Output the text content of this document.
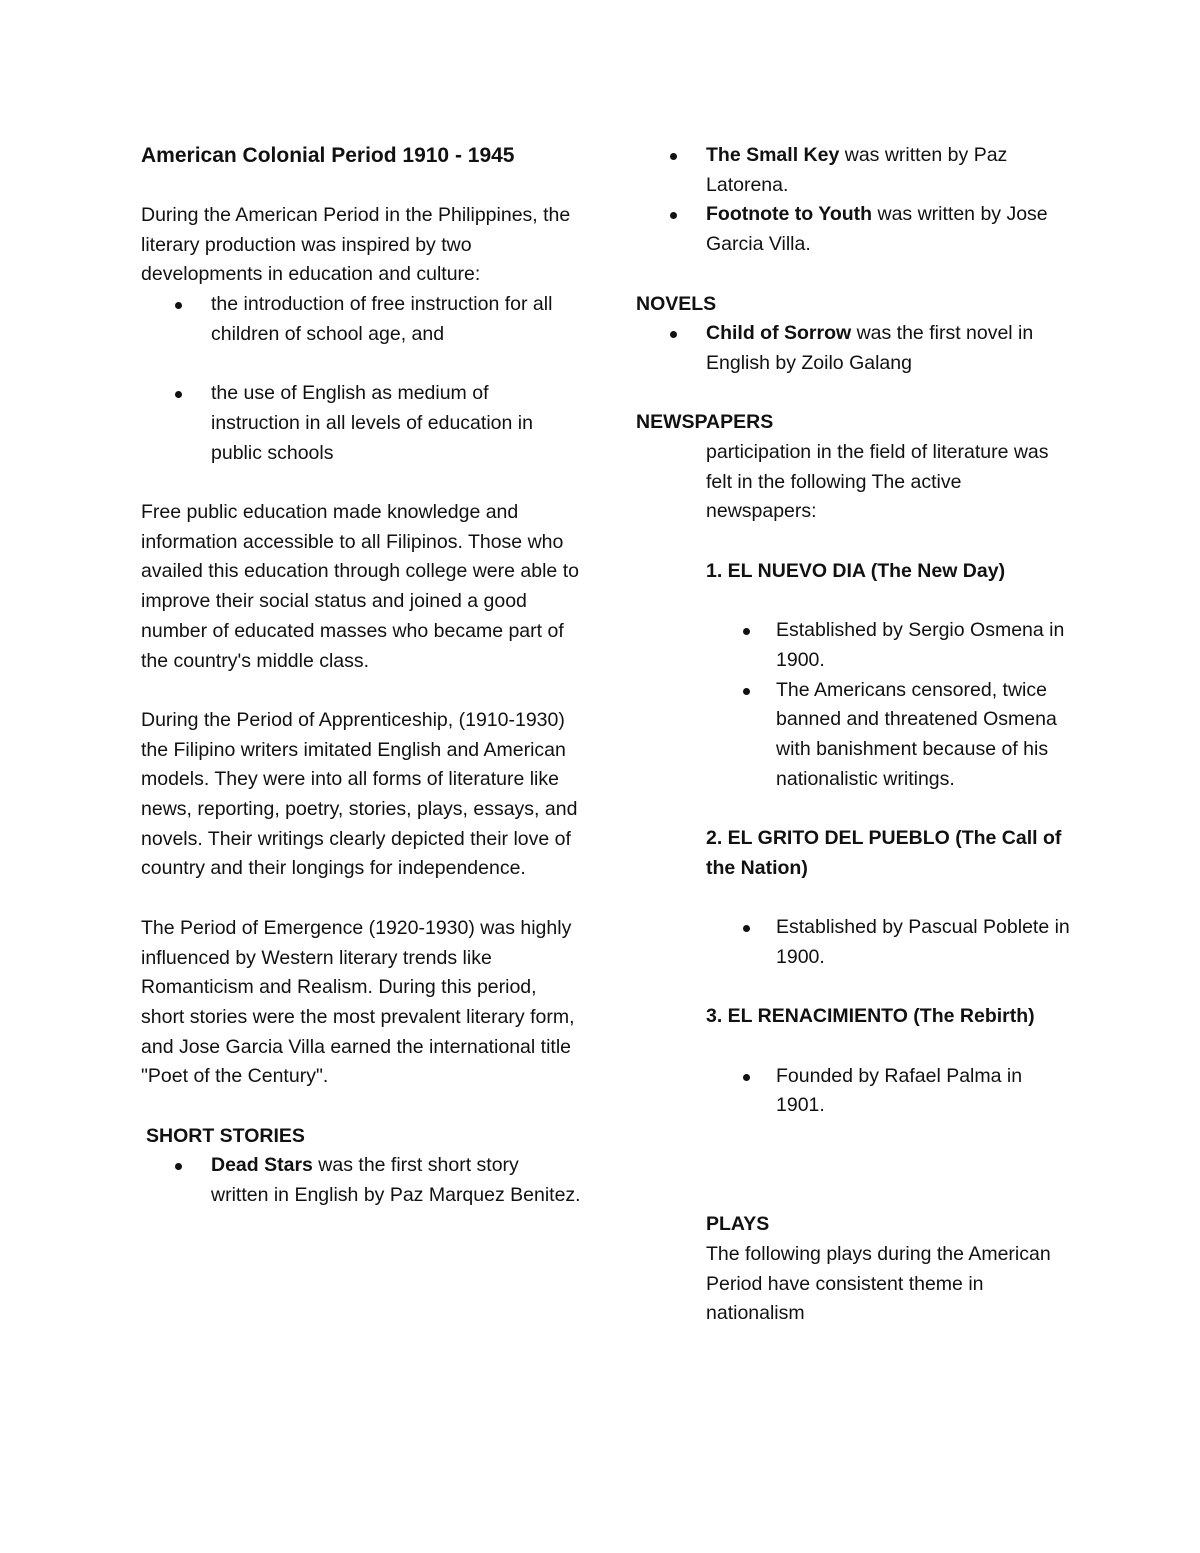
American Colonial Period 1910 - 1945

During the American Period in the Philippines, the literary production was inspired by two developments in education and culture:

the introduction of free instruction for all children of school age, and
the use of English as medium of instruction in all levels of education in public schools

Free public education made knowledge and information accessible to all Filipinos. Those who availed this education through college were able to improve their social status and joined a good number of educated masses who became part of the country's middle class.

During the Period of Apprenticeship, (1910-1930) the Filipino writers imitated English and American models. They were into all forms of literature like news, reporting, poetry, stories, plays, essays, and novels. Their writings clearly depicted their love of country and their longings for independence.

The Period of Emergence (1920-1930) was highly influenced by Western literary trends like Romanticism and Realism. During this period, short stories were the most prevalent literary form, and Jose Garcia Villa earned the international title "Poet of the Century".

SHORT STORIES

Dead Stars was the first short story written in English by Paz Marquez Benitez.
The Small Key was written by Paz Latorena.
Footnote to Youth was written by Jose Garcia Villa.

NOVELS

Child of Sorrow was the first novel in English by Zoilo Galang

NEWSPAPERS

participation in the field of literature was felt in the following The active newspapers:

1. EL NUEVO DIA (The New Day)

Established by Sergio Osmena in 1900.
The Americans censored, twice banned and threatened Osmena with banishment because of his nationalistic writings.

2. EL GRITO DEL PUEBLO (The Call of the Nation)

Established by Pascual Poblete in 1900.

3. EL RENACIMIENTO (The Rebirth)

Founded by Rafael Palma in 1901.

PLAYS

The following plays during the American Period have consistent theme in nationalism
